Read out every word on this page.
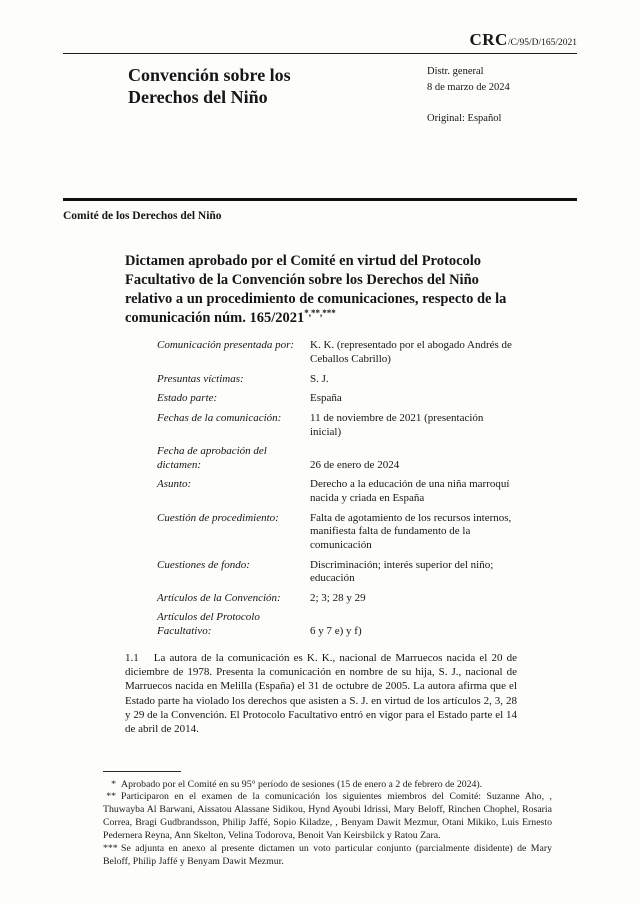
CRC/C/95/D/165/2021
Convención sobre los Derechos del Niño
Distr. general
8 de marzo de 2024
Original: Español
Comité de los Derechos del Niño
Dictamen aprobado por el Comité en virtud del Protocolo Facultativo de la Convención sobre los Derechos del Niño relativo a un procedimiento de comunicaciones, respecto de la comunicación núm. 165/2021*,**,***
Comunicación presentada por:	K. K. (representado por el abogado Andrés de Ceballos Cabrillo)
Presuntas víctimas:	S. J.
Estado parte:	España
Fechas de la comunicación:	11 de noviembre de 2021 (presentación inicial)
Fecha de aprobación del dictamen:	26 de enero de 2024
Asunto:	Derecho a la educación de una niña marroquí nacida y criada en España
Cuestión de procedimiento:	Falta de agotamiento de los recursos internos, manifiesta falta de fundamento de la comunicación
Cuestiones de fondo:	Discriminación; interés superior del niño; educación
Artículos de la Convención:	2; 3; 28 y 29
Artículos del Protocolo Facultativo:	6 y 7 e) y f)

1.1 La autora de la comunicación es K. K., nacional de Marruecos nacida el 20 de diciembre de 1978. Presenta la comunicación en nombre de su hija, S. J., nacional de Marruecos nacida en Melilla (España) el 31 de octubre de 2005. La autora afirma que el Estado parte ha violado los derechos que asisten a S. J. en virtud de los artículos 2, 3, 28 y 29 de la Convención. El Protocolo Facultativo entró en vigor para el Estado parte el 14 de abril de 2014.

* Aprobado por el Comité en su 95° período de sesiones (15 de enero a 2 de febrero de 2024).
** Participaron en el examen de la comunicación los siguientes miembros del Comité: Suzanne Aho, , Thuwayba Al Barwani, Aissatou Alassane Sidikou, Hynd Ayoubi Idrissi, Mary Beloff, Rinchen Chophel, Rosaria Correa, Bragi Gudbrandsson, Philip Jaffé, Sopio Kiladze, , Benyam Dawit Mezmur, Otani Mikiko, Luis Ernesto Pedernera Reyna, Ann Skelton, Velina Todorova, Benoit Van Keirsbilck y Ratou Zara.
*** Se adjunta en anexo al presente dictamen un voto particular conjunto (parcialmente disidente) de Mary Beloff, Philip Jaffé y Benyam Dawit Mezmur.
